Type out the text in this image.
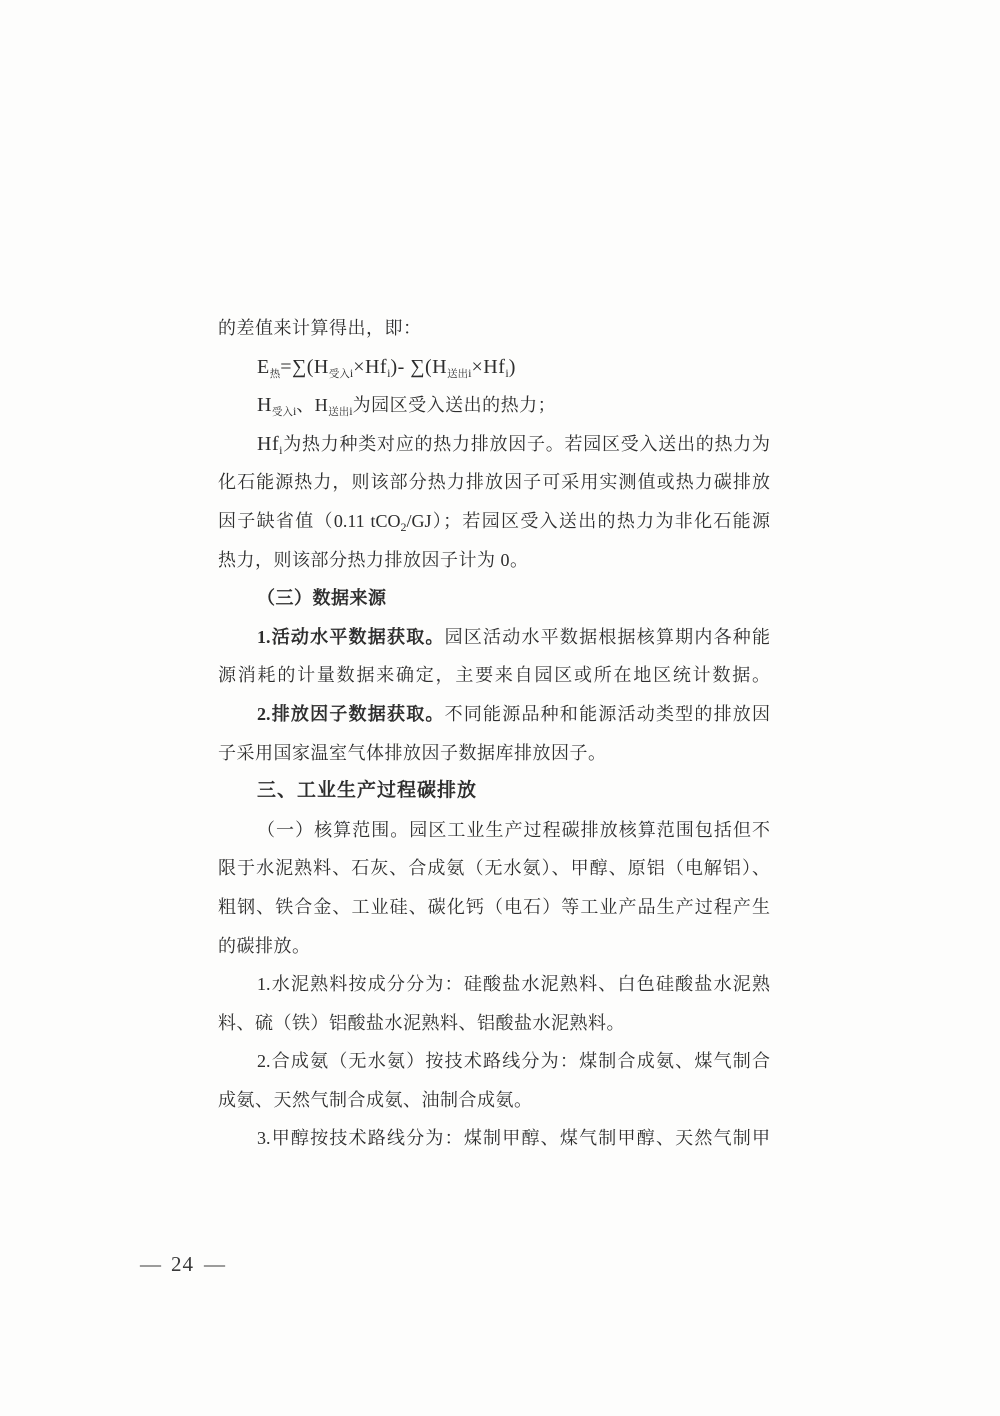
的差值来计算得出，即：
$E_热=\sum(H_{受入i}\times Hf_i)-$ $\sum(H_{送出i}\times Hf_i)$
$H_{受入i}$、$H_{送出i}$为园区受入送出的热力；
$Hf_i$为热力种类对应的热力排放因子。若园区受入送出的热力为
化石能源热力，则该部分热力排放因子可采用实测值或热力碳排放
因子缺省值（0.11 tCO$_2$/GJ）；若园区受入送出的热力为非化石能源
热力，则该部分热力排放因子计为 0。
（三）数据来源
1.活动水平数据获取。园区活动水平数据根据核算期内各种能
源消耗的计量数据来确定，主要来自园区或所在地区统计数据。
2.排放因子数据获取。不同能源品种和能源活动类型的排放因
子采用国家温室气体排放因子数据库排放因子。
三、工业生产过程碳排放
（一）核算范围。园区工业生产过程碳排放核算范围包括但不
限于水泥熟料、石灰、合成氨（无水氨）、甲醇、原铝（电解铝）、
粗钢、铁合金、工业硅、碳化钙（电石）等工业产品生产过程产生
的碳排放。
1.水泥熟料按成分分为：硅酸盐水泥熟料、白色硅酸盐水泥熟
料、硫（铁）铝酸盐水泥熟料、铝酸盐水泥熟料。
2.合成氨（无水氨）按技术路线分为：煤制合成氨、煤气制合
成氨、天然气制合成氨、油制合成氨。
3.甲醇按技术路线分为：煤制甲醇、煤气制甲醇、天然气制甲
— 24 —
